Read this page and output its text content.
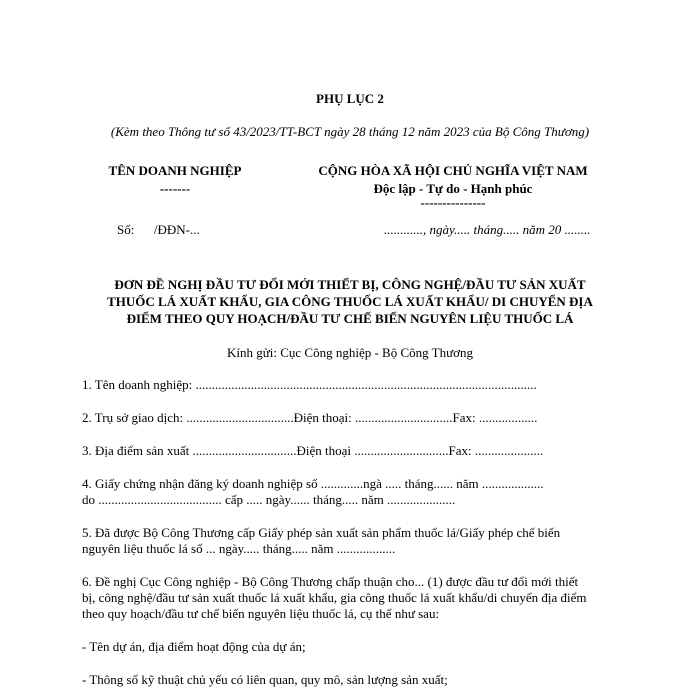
PHỤ LỤC 2
(Kèm theo Thông tư số 43/2023/TT-BCT ngày 28 tháng 12 năm 2023 của Bộ Công Thương)
TÊN DOANH NGHIỆP
-------
CỘNG HÒA XÃ HỘI CHỦ NGHĨA VIỆT NAM
Độc lập - Tự do - Hạnh phúc
---------------
Số:      /ĐĐN-...	............, ngày..... tháng..... năm 20 ........
ĐƠN ĐỀ NGHỊ ĐẦU TƯ ĐỔI MỚI THIẾT BỊ, CÔNG NGHỆ/ĐẦU TƯ SẢN XUẤT
THUỐC LÁ XUẤT KHẨU, GIA CÔNG THUỐC LÁ XUẤT KHẨU/ DI CHUYỂN ĐỊA
ĐIỂM THEO QUY HOẠCH/ĐẦU TƯ CHẾ BIẾN NGUYÊN LIỆU THUỐC LÁ
Kính gửi: Cục Công nghiệp - Bộ Công Thương
1. Tên doanh nghiệp: .........................................................................................................
2. Trụ sở giao dịch: .................................Điện thoại: ..............................Fax: ..................
3. Địa điểm sản xuất ................................Điện thoại .............................Fax: .....................
4. Giấy chứng nhận đăng ký doanh nghiệp số .............ngà ..... tháng...... năm ...................
do ...................................... cấp ..... ngày...... tháng..... năm .....................
5. Đã được Bộ Công Thương cấp Giấy phép sản xuất sản phẩm thuốc lá/Giấy phép chế biến
nguyên liệu thuốc lá số ... ngày..... tháng..... năm ..................
6. Đề nghị Cục Công nghiệp - Bộ Công Thương chấp thuận cho... (1) được đầu tư đổi mới thiết
bị, công nghệ/đầu tư sản xuất thuốc lá xuất khẩu, gia công thuốc lá xuất khẩu/di chuyển địa điểm
theo quy hoạch/đầu tư chế biến nguyên liệu thuốc lá, cụ thể như sau:
- Tên dự án, địa điểm hoạt động của dự án;
- Thông số kỹ thuật chủ yếu có liên quan, quy mô, sản lượng sản xuất;
